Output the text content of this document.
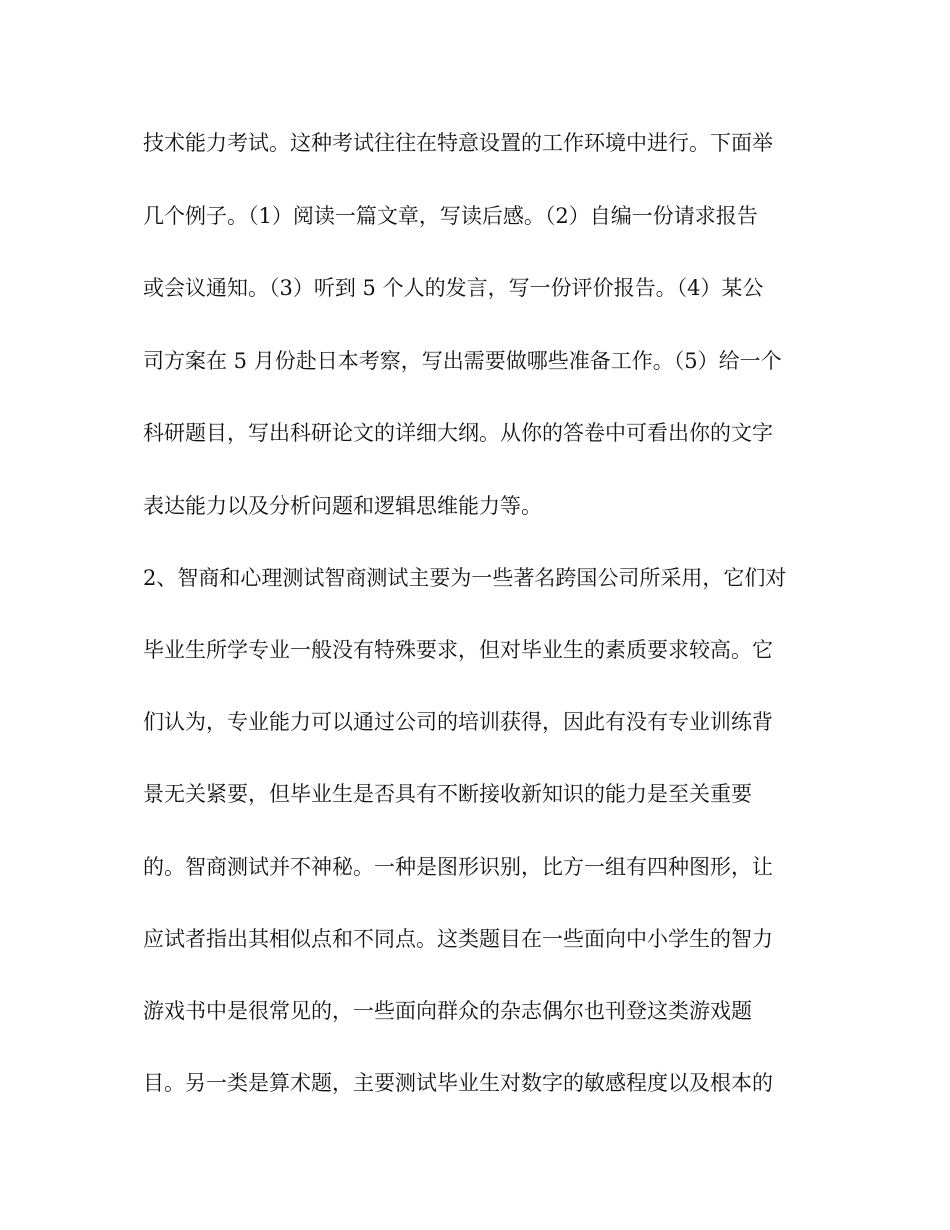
技术能力考试。这种考试往往在特意设置的工作环境中进行。下面举
几个例子。（1）阅读一篇文章，写读后感。（2）自编一份请求报告
或会议通知。（3）听到 5 个人的发言，写一份评价报告。（4）某公
司方案在 5 月份赴日本考察，写出需要做哪些准备工作。（5）给一个
科研题目，写出科研论文的详细大纲。从你的答卷中可看出你的文字
表达能力以及分析问题和逻辑思维能力等。
2、智商和心理测试智商测试主要为一些著名跨国公司所采用，它们对
毕业生所学专业一般没有特殊要求，但对毕业生的素质要求较高。它
们认为，专业能力可以通过公司的培训获得，因此有没有专业训练背
景无关紧要，但毕业生是否具有不断接收新知识的能力是至关重要
的。智商测试并不神秘。一种是图形识别，比方一组有四种图形，让
应试者指出其相似点和不同点。这类题目在一些面向中小学生的智力
游戏书中是很常见的，一些面向群众的杂志偶尔也刊登这类游戏题
目。另一类是算术题，主要测试毕业生对数字的敏感程度以及根本的
